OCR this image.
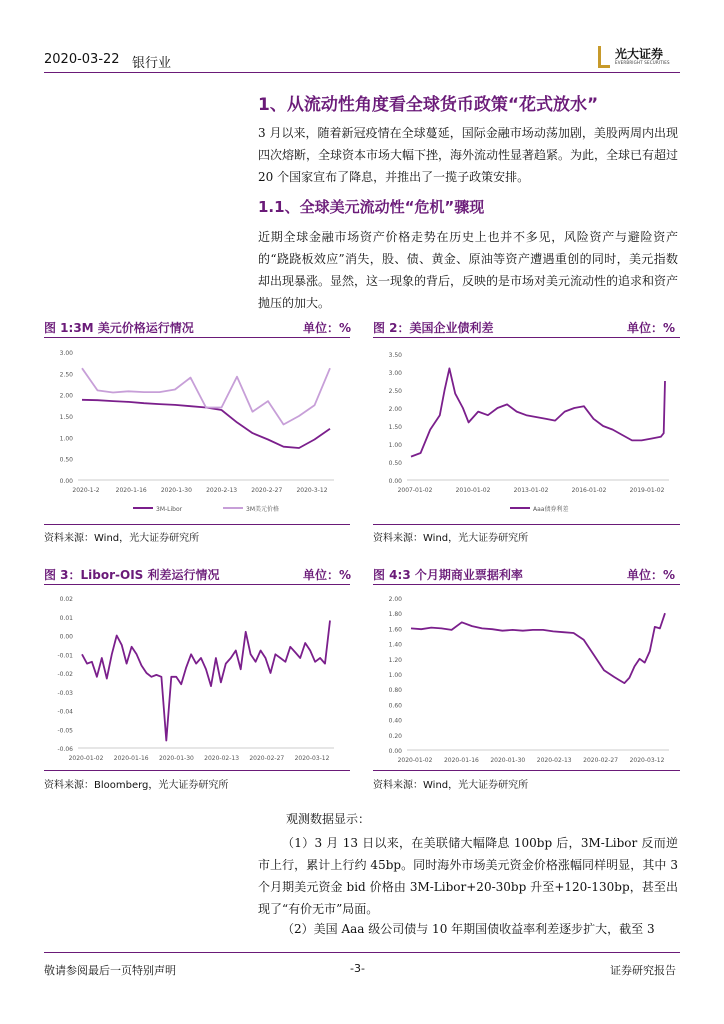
2020-03-22 银行业
光大证券
EVERBRIGHT SECURITIES
1、从流动性角度看全球货币政策“花式放水”
3 月以来，随着新冠疫情在全球蔓延，国际金融市场动荡加剧，美股两周内出现四次熔断，全球资本市场大幅下挫，海外流动性显著趋紧。为此，全球已有超过 20 个国家宣布了降息，并推出了一揽子政策安排。
1.1、全球美元流动性“危机”骤现
近期全球金融市场资产价格走势在历史上也并不多见，风险资产与避险资产的“跷跷板效应”消失，股、债、黄金、原油等资产遭遇重创的同时，美元指数却出现暴涨。显然，这一现象的背后，反映的是市场对美元流动性的追求和资产抛压的加大。
图 1:3M 美元价格运行情况	单位：%
0.00
0.50
1.00
1.50
2.00
2.50
3.00
2020-1-2	2020-1-16 2020-1-30 2020-2-13 2020-2-27 2020-3-12
3M-Libor	3M美元价格
资料来源：Wind，光大证券研究所
图 2：美国企业债利差	单位：%
0.00
0.50
1.00
1.50
2.00
2.50
3.00
3.50
2007-01-02	2010-01-02	2013-01-02	2016-01-02	2019-01-02
Aaa债券利差
资料来源：Wind，光大证券研究所
图 3：Libor-OIS 利差运行情况	单位：%
-0.06
-0.05
-0.04
-0.03
-0.02
-0.01
0.00
0.01
0.02
2020-01-02 2020-01-16 2020-01-30 2020-02-13 2020-02-27 2020-03-12
资料来源：Bloomberg，光大证券研究所
图 4:3 个月期商业票据利率	单位：%
0.00
0.20
0.40
0.60
0.80
1.00
1.20
1.40
1.60
1.80
2.00
2020-01-02 2020-01-16 2020-01-30 2020-02-13 2020-02-27 2020-03-12
资料来源：Wind，光大证券研究所
观测数据显示：
（1）3 月 13 日以来，在美联储大幅降息 100bp 后，3M-Libor 反而逆市上行，累计上行约 45bp。同时海外市场美元资金价格涨幅同样明显，其中 3 个月期美元资金 bid 价格由 3M-Libor+20-30bp 升至+120-130bp，甚至出现了“有价无市”局面。
（2）美国 Aaa 级公司债与 10 年期国债收益率利差逐步扩大，截至 3
敬请参阅最后一页特别声明	-3-	证券研究报告
